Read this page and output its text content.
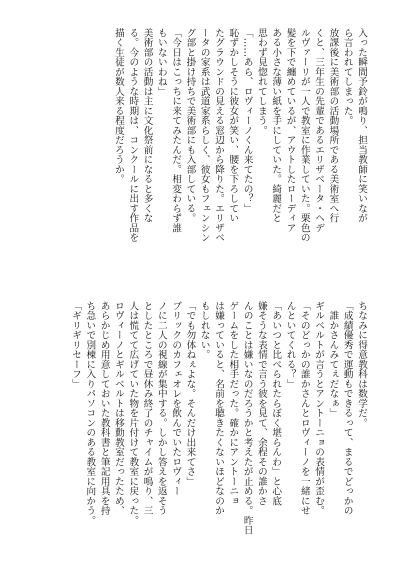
入った瞬間予鈴が鳴り、担当教師に笑いなが
ら言われてしまった。
放課後に美術部の活動場所である美術室へ行
くと、三年生の先輩であるエリザベータ・ヘデ
ルヴァーリが一人で教室に作業していた。栗色の
髪を下で纏めているが、アウトしたローディア
ある小さな薄い紙を手にしていた。綺麗だと
思わず見惚れてしまう。
「……あら、ロヴィーノくん来てたの？」
恥ずかしそうに彼女が笑い、腰を下ろしてい
たグラウンドの見える窓辺から降りた。エリザベ
ータの家系は武道家系らしく、彼女もフェンシン
グ部と掛け持ちで美術部にも入部している。
「今日はこっちに来てみたんだ。相変わらず誰
もいないわね」
美術部の活動は主に文化祭前になると多くな
る。今のような時期は、コンクールに出す作品を
描く生徒が数人来る程度だろうか。
ちなみに得意教科は数学だ。
「成績優秀で運動もできるって、まるでどっかの
　誰かさんみてぇだなぁ」
ギルベルトが言うとアントーニョの表情が歪む。
「そのどっかの誰かさんとロヴィーノを一緒にせ
んといてくれる？」
「あいつと比べられたらぼく堪らんわ」と心底
嫌そうな表情で言う彼を見て、余程その誰かさ
んのことは嫌いなのだろうかと考えたが止める。昨日
ゲームをした相手だった。確かにアントーニョ
は嫌っていると、名前を聴きたくないほどなのか
もしれない。
「でも勿体ねぇよな。そんだけ出来てさ」
ブリックのカフェオレを飲んでいたロヴィー
ノに二人の視線が集中する。しかし答えを返そう
としたところで昼休み終了のチャイムが鳴り、三
人は慌てて広げていた物を片付けて教室に戻った。
ロヴィーノとギルベルトは移動教室だったため、
あらかじめ用意しておいた教科書と筆記用具を持
ち急いで別棟に入りパソコンのある教室に向かう。
「ギリギリセーフ」
